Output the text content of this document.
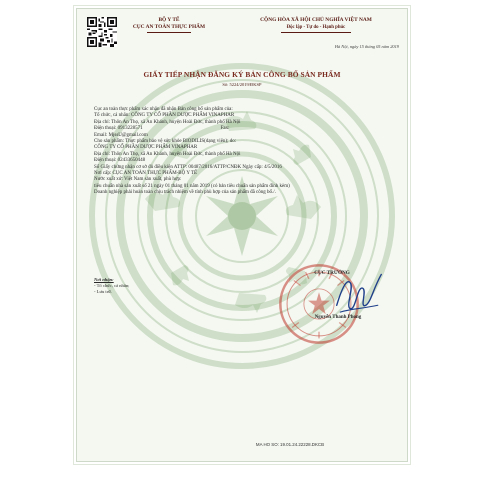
BỘ Y TẾ
CỤC AN TOÀN THỰC PHẨM
CỘNG HÒA XÃ HỘI CHỦ NGHĨA VIỆT NAM
Độc lập - Tự do - Hạnh phúc
Hà Nội, ngày 15 tháng 05 năm 2019
GIẤY TIẾP NHẬN ĐĂNG KÝ BẢN CÔNG BỐ SẢN PHẨM
Số: 5224/2019/ĐKSP

Cục an toàn thực phẩm xác nhận đã nhận Bản công bố sản phẩm của:

Tổ chức, cá nhân: CÔNG TY CỔ PHẦN DƯỢC PHẨM VINAPHAR

Địa chỉ: Thôn An Thọ, xã An Khánh, huyện Hoài Đức, thành phố Hà Nội

Điện thoại: 0913228571	Fax:

Email: MjssU@gmail.com

Cho sản phẩm: Thực phẩm bảo vệ sức khỏe BIODILIS(dạng viên); do:

CÔNG TY CỔ PHẦN DƯỢC PHẨM VINAPHAR

Địa chỉ: Thôn An Thọ, xã An Khánh, huyện Hoài Đức, thành phố Hà Nội

Điện thoại: 02433650448

Số Giấy chứng nhận cơ sở đủ điều kiện ATTP: 00487/2016/ATTP/CNĐK Ngày cấp: 4/5/2016

Nơi cấp: CỤC AN TOÀN THỰC PHẨM-BỘ Y TẾ

Nước xuất xứ: Việt Nam sản xuất, phù hợp:

tiêu chuẩn nhà sản xuất số 21 ngày 01 tháng 01 năm 2019 (có bản tiêu chuẩn sản phẩm đính kèm)

Doanh nghiệp phải hoàn toàn chịu trách nhiệm về tính phù hợp của sản phẩm đã công bố./.

Nơi nhận:
- Tổ chức, cá nhân;
- Lưu trữ.
CỤC TRƯỞNG
Nguyễn Thanh Phong
MA HO SO: 19.01.24.22228.DKCB
